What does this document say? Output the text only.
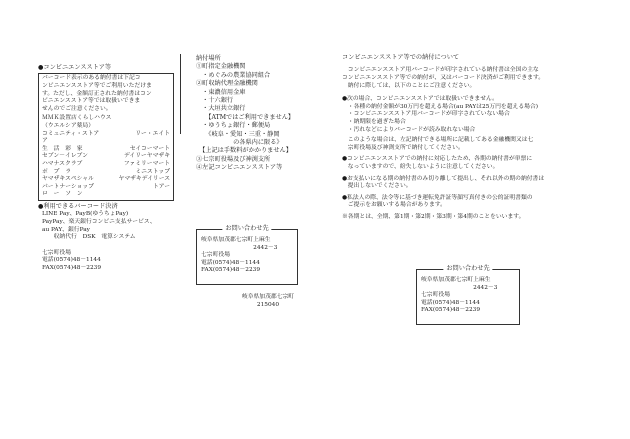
●コンビニエンスストア等
バーコード表示のある納付書は下記コ
ンビニエンスストア等でご利用いただけま
す。ただし、金額訂正された納付書はコン
ビニエンスストア等では取扱いできま
せんのでご注意ください。
ＭＭＫ設置店くらしハウス
（ウエルシア薬局）
コミュニティ・ストア	リー・エイト
ア
生　活　彩　家	セイコーマート
セブン－イレブン	デイリーヤマザキ
ハマナスクラブ	ファミリーマート
ポ　プ　ラ	ミニストップ
ヤマザキスペシャル	ヤマザキデイリース
パートナーショップ	トアー
ロ　ー　ソ　ン
●利用できるバーコード決済
LINE Pay、PayB(ゆうちょPay)
PayPay、楽天銀行コンビニ支払サービス、
au PAY、銀行Pay
　　収納代行　DSK　電算システム
七宗町役場
電話(0574)48－1144
FAX(0574)48－2239
納付場所
①町指定金融機関
　・めぐみの農業協同組合
②町収納代理金融機関
　・東濃信用金庫
　・十六銀行
　・大垣共立銀行
　　【ATMではご利用できません】
　・ゆうちょ銀行・郵便局
　　《岐阜・愛知・三重・静岡
　　　　　　の各県内に限る》
　【上記は手数料がかかりません】
③七宗町役場及び神渕支所
④左記コンビニエンスストア等
お問い合わせ先
岐阜県加茂郡七宗町上麻生
　　　　　　　　　2442－3
七宗町役場
電話(0574)48－1144
FAX(0574)48－2239
岐阜県加茂郡七宗町
215040
コンビニエンスストア等での納付について
　コンビニエンスストア用バーコードが印字されている納付書は全国の主な
コンビニエンスストア等での納付が、又はバーコード決済がご利用できます。
　納付に際しては、以下のことにご注意ください。
●次の場合、コンビニエンスストアでは取扱いできません。
　・各種の納付金額が30万円を超える場合(au PAYは25万円を超える場合)
　・コンビニエンスストア用バーコードが印字されていない場合
　・納期限を過ぎた場合
　・汚れなどによりバーコードが読み取れない場合
　このような場合は、左記納付できる場所に記載してある金融機関又は七
　宗町役場及び神渕支所で納付してください。
●コンビニエンスストアでの納付に対応したため、各期の納付書が単票に
　なっていますので、紛失しないように注意してください。
●お支払いになる期の納付書のみ切り離して提出し、それ以外の期の納付書は
　提出しないでください。
●私法人の際、法令等に基づき運転免許証等顔写真付きの公的証明書類の
　ご提示をお願いする場合があります。
※各期とは、全期、第1期・第2期・第3期・第4期のことをいいます。
お問い合わせ先
岐阜県加茂郡七宗町上麻生
　　　　　　　　　2442－3
七宗町役場
電話(0574)48－1144
FAX(0574)48－2239
